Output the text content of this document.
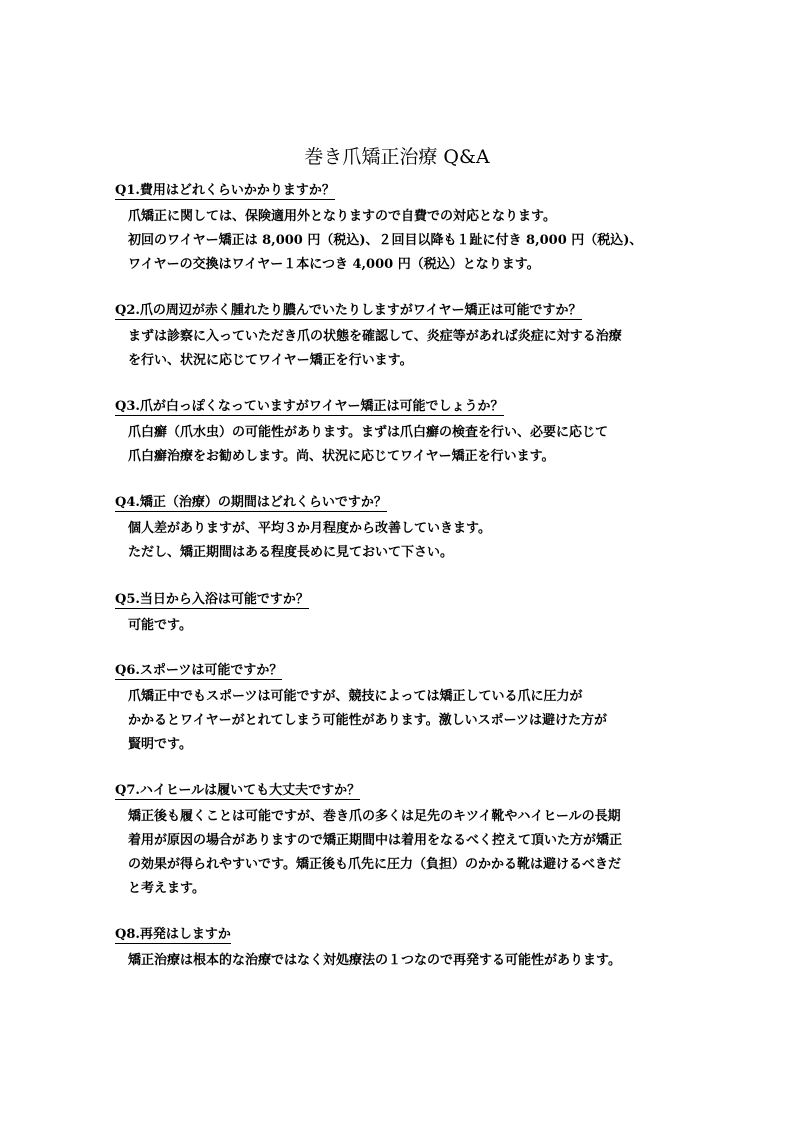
巻き爪矯正治療 Q&A
Q1.費用はどれくらいかかりますか？
爪矯正に関しては、保険適用外となりますので自費での対応となります。
初回のワイヤー矯正は 8,000 円（税込)、２回目以降も１趾に付き 8,000 円（税込)、
ワイヤーの交換はワイヤー１本につき 4,000 円（税込）となります。
Q2.爪の周辺が赤く腫れたり膿んでいたりしますがワイヤー矯正は可能ですか？
まずは診察に入っていただき爪の状態を確認して、炎症等があれば炎症に対する治療
を行い、状況に応じてワイヤー矯正を行います。
Q3.爪が白っぽくなっていますがワイヤー矯正は可能でしょうか？
爪白癬（爪水虫）の可能性があります。まずは爪白癬の検査を行い、必要に応じて
爪白癬治療をお勧めします。尚、状況に応じてワイヤー矯正を行います。
Q4.矯正（治療）の期間はどれくらいですか？
個人差がありますが、平均３か月程度から改善していきます。
ただし、矯正期間はある程度長めに見ておいて下さい。
Q5.当日から入浴は可能ですか？
可能です。
Q6.スポーツは可能ですか？
爪矯正中でもスポーツは可能ですが、競技によっては矯正している爪に圧力が
かかるとワイヤーがとれてしまう可能性があります。激しいスポーツは避けた方が
賢明です。
Q7.ハイヒールは履いても大丈夫ですか？
矯正後も履くことは可能ですが、巻き爪の多くは足先のキツイ靴やハイヒールの長期
着用が原因の場合がありますので矯正期間中は着用をなるべく控えて頂いた方が矯正
の効果が得られやすいです。矯正後も爪先に圧力（負担）のかかる靴は避けるべきだ
と考えます。
Q8.再発はしますか
矯正治療は根本的な治療ではなく対処療法の１つなので再発する可能性があります。
